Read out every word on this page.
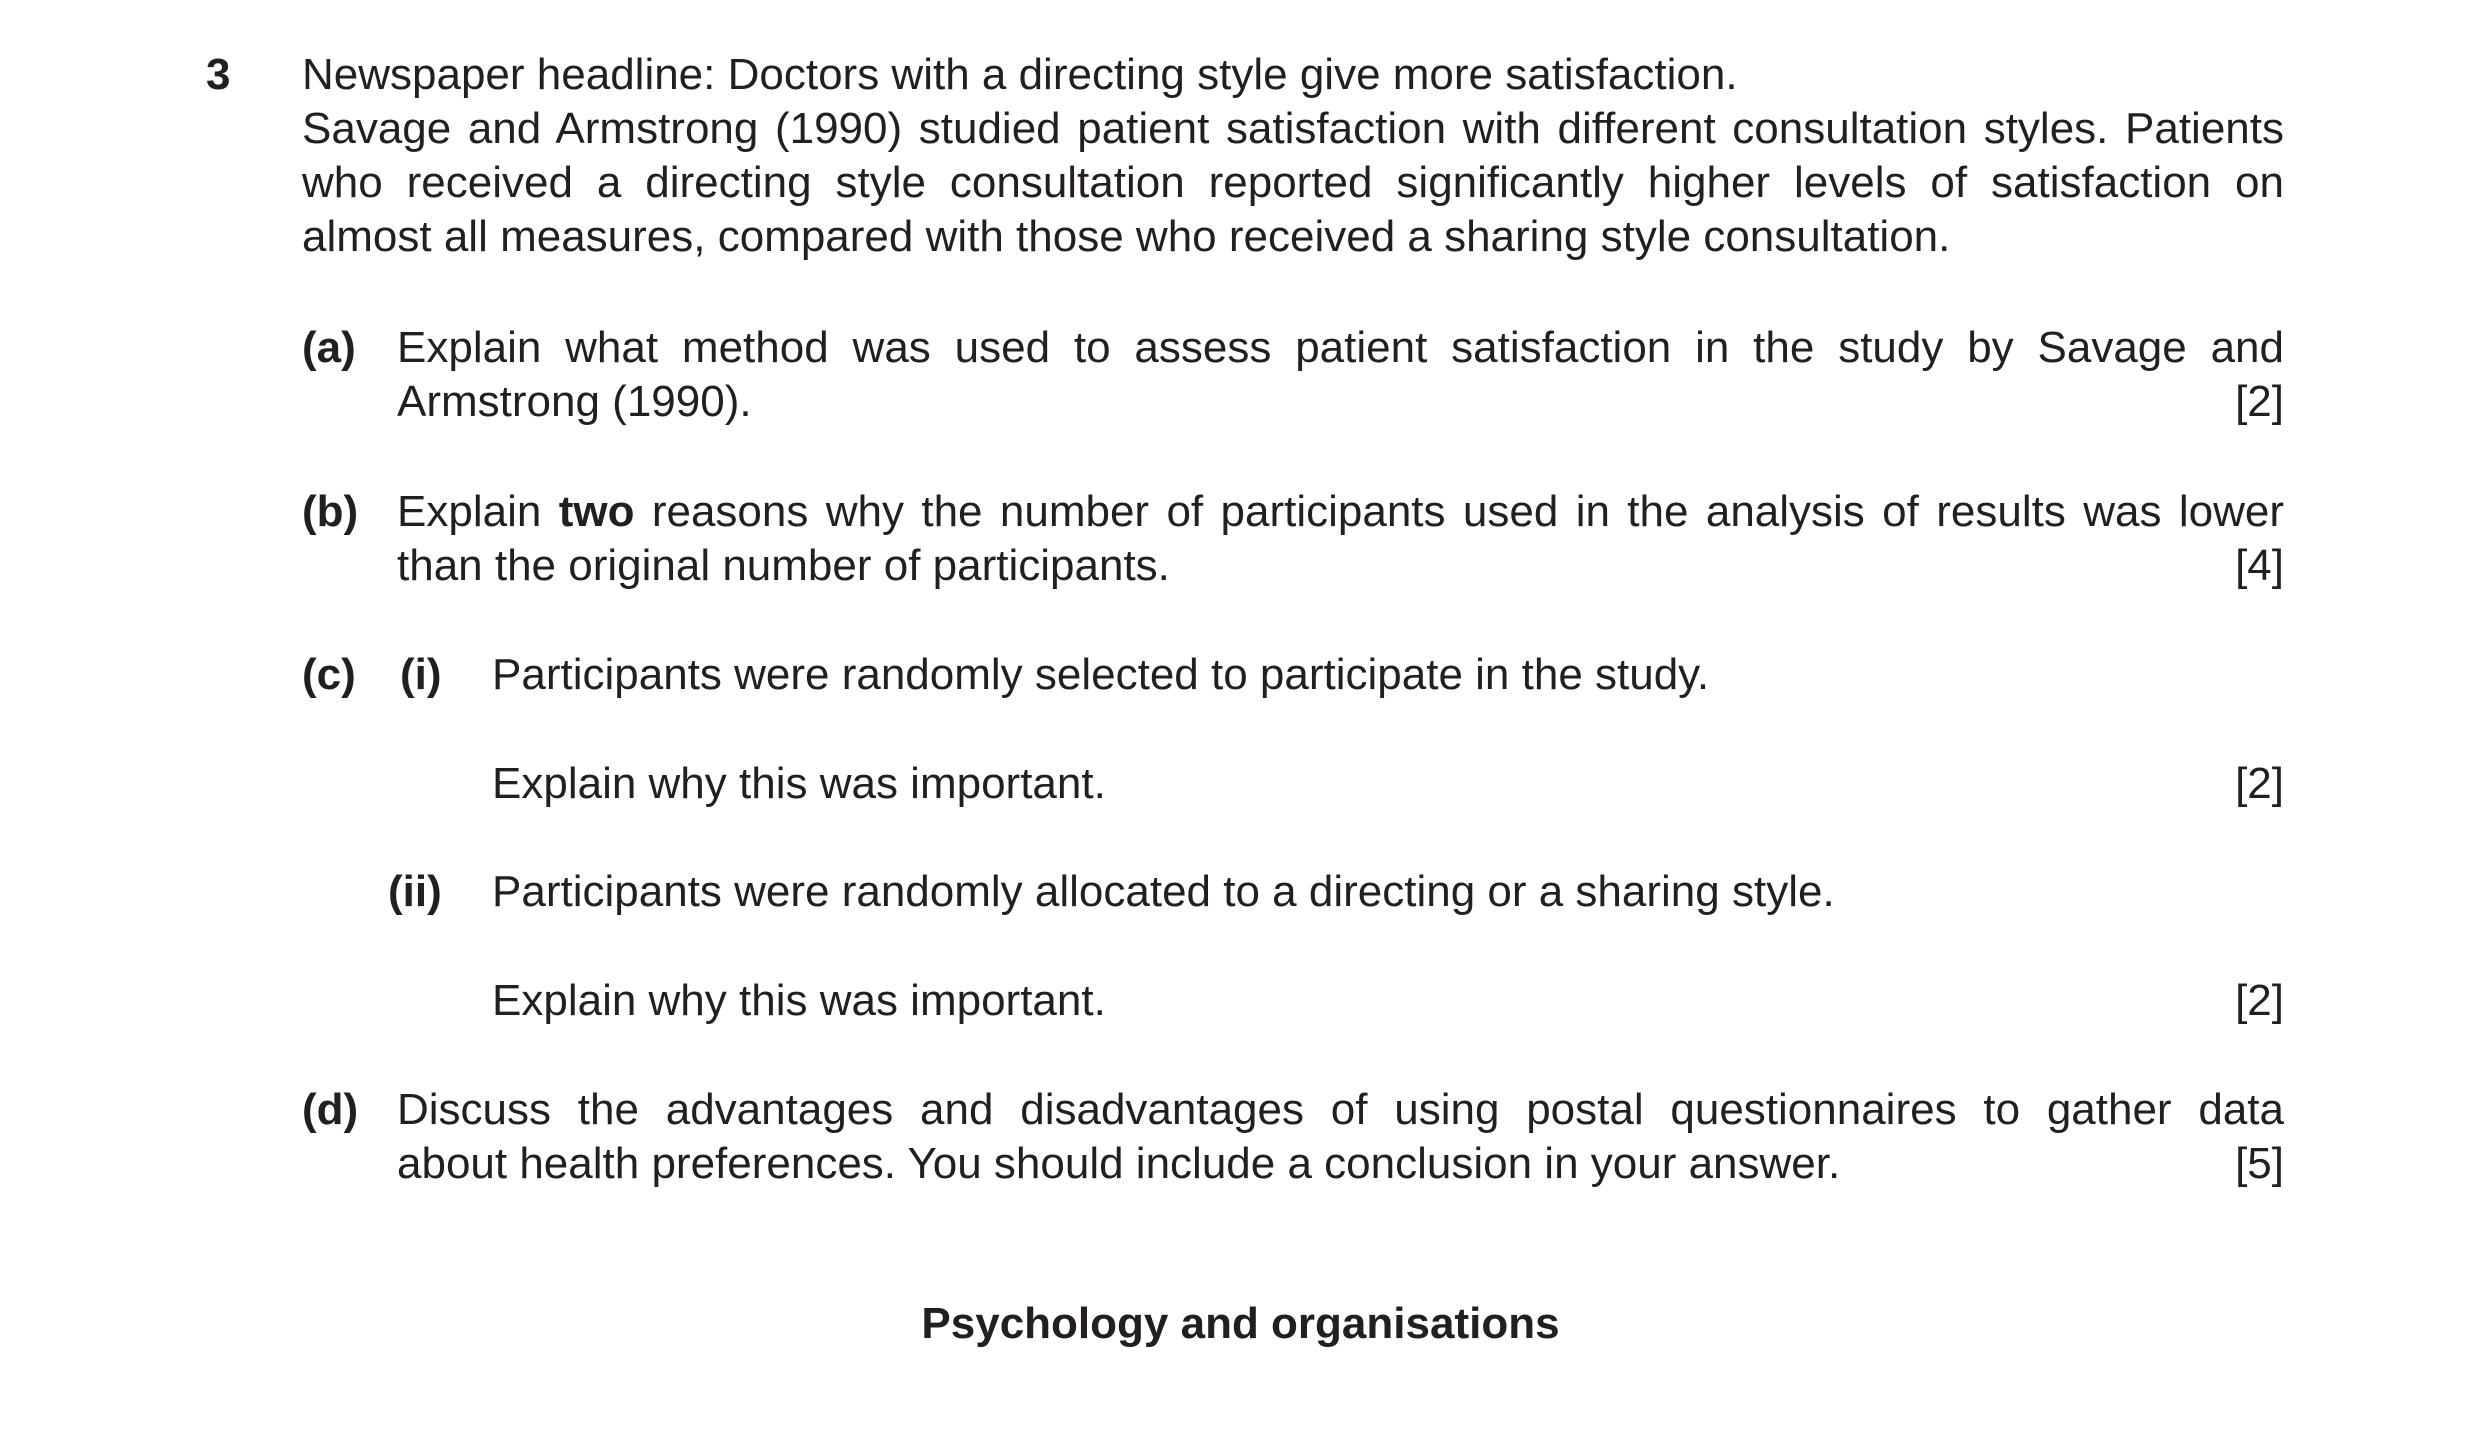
3 Newspaper headline: Doctors with a directing style give more satisfaction.

Savage and Armstrong (1990) studied patient satisfaction with different consultation styles. Patients who received a directing style consultation reported significantly higher levels of satisfaction on almost all measures, compared with those who received a sharing style consultation.

(a) Explain what method was used to assess patient satisfaction in the study by Savage and
Armstrong (1990).	[2]
(b) Explain two reasons why the number of participants used in the analysis of results was lower
than the original number of participants.	[4]
(c) (i) Participants were randomly selected to participate in the study.
Explain why this was important.	[2]
(ii) Participants were randomly allocated to a directing or a sharing style.
Explain why this was important.	[2]
(d) Discuss the advantages and disadvantages of using postal questionnaires to gather data
about health preferences. You should include a conclusion in your answer.	[5]
Psychology and organisations
